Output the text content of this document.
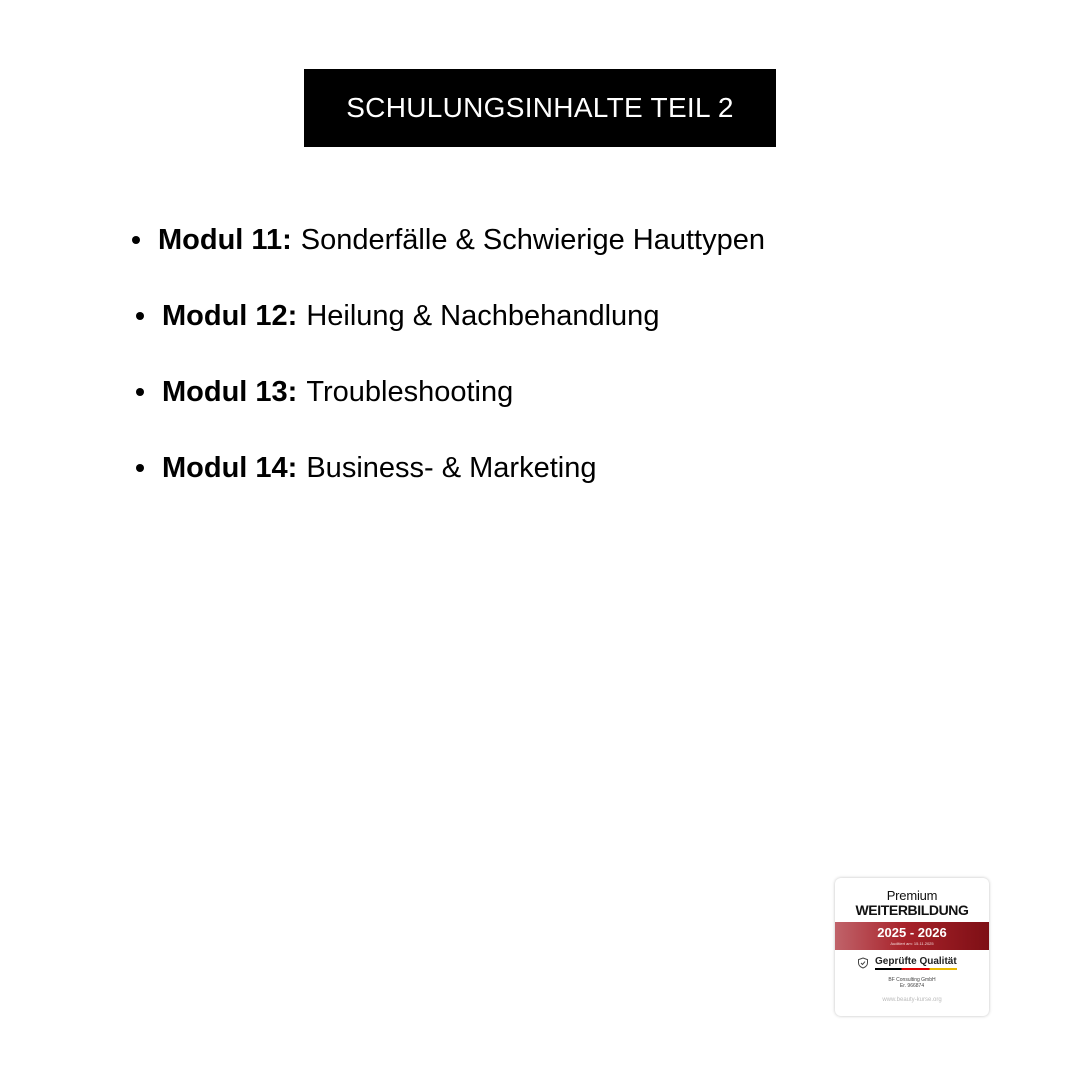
SCHULUNGSINHALTE TEIL 2
Modul 11: Sonderfälle & Schwierige Hauttypen
Modul 12: Heilung & Nachbehandlung
Modul 13: Troubleshooting
Modul 14: Business- & Marketing
Premium
WEITERBILDUNG
2025 - 2026
Auditiert am: 15.11.2025
Geprüfte Qualität
BF Consulting GmbH
Er. 966874
www.beauty-kurse.org
